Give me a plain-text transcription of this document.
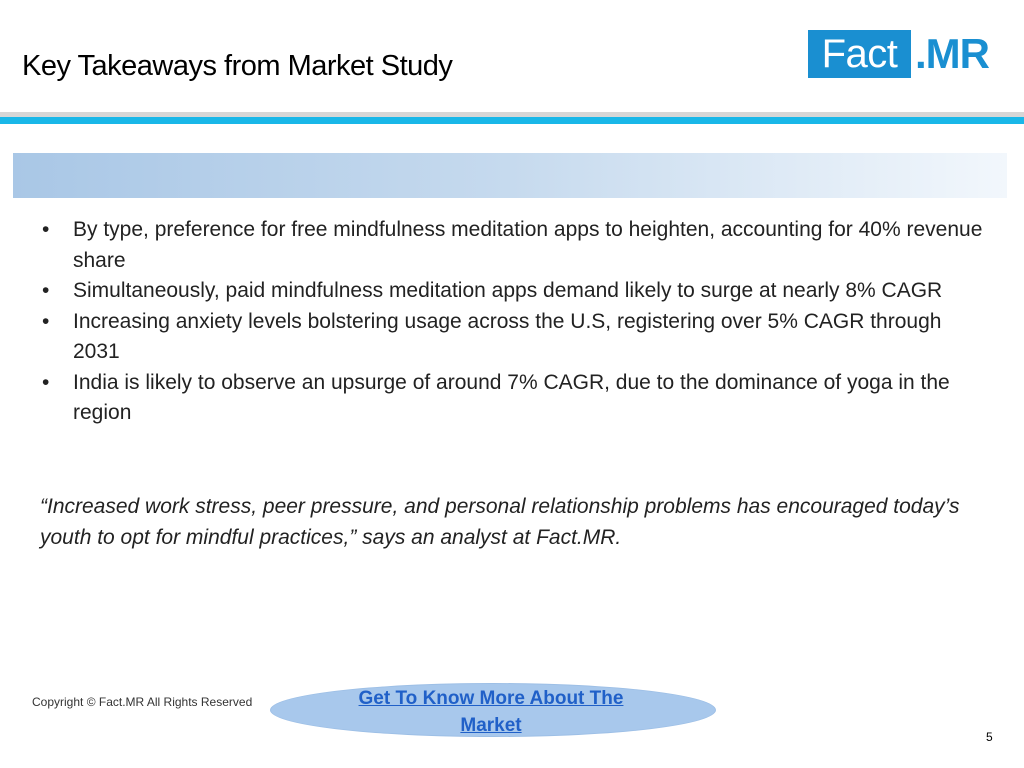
Key Takeaways from Market Study	Fact .MR
• By type, preference for free mindfulness meditation apps to heighten, accounting for 40% revenue share
• Simultaneously, paid mindfulness meditation apps demand likely to surge at nearly 8% CAGR
• Increasing anxiety levels bolstering usage across the U.S, registering over 5% CAGR through 2031
• India is likely to observe an upsurge of around 7% CAGR, due to the dominance of yoga in the region
“Increased work stress, peer pressure, and personal relationship problems has encouraged today’s youth to opt for mindful practices,” says an analyst at Fact.MR.
Copyright © Fact.MR All Rights Reserved	Get To Know More About The Market
5
